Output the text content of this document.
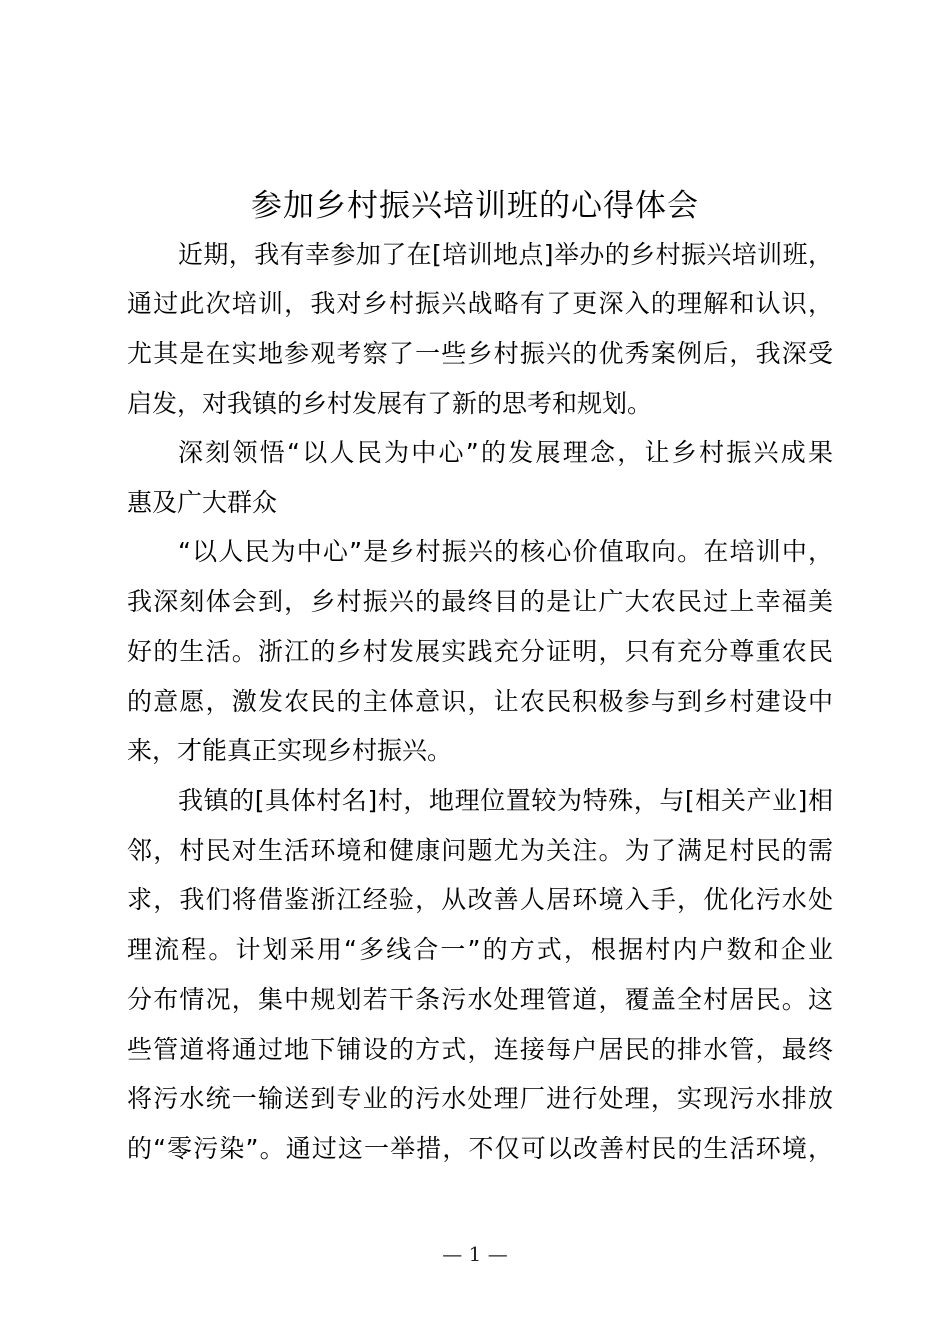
参加乡村振兴培训班的心得体会
近期，我有幸参加了在[培训地点]举办的乡村振兴培训班，
通过此次培训，我对乡村振兴战略有了更深入的理解和认识，
尤其是在实地参观考察了一些乡村振兴的优秀案例后，我深受
启发，对我镇的乡村发展有了新的思考和规划。
深刻领悟“以人民为中心”的发展理念，让乡村振兴成果
惠及广大群众
“以人民为中心”是乡村振兴的核心价值取向。在培训中，
我深刻体会到，乡村振兴的最终目的是让广大农民过上幸福美
好的生活。浙江的乡村发展实践充分证明，只有充分尊重农民
的意愿，激发农民的主体意识，让农民积极参与到乡村建设中
来，才能真正实现乡村振兴。
我镇的[具体村名]村，地理位置较为特殊，与[相关产业]相
邻，村民对生活环境和健康问题尤为关注。为了满足村民的需
求，我们将借鉴浙江经验，从改善人居环境入手，优化污水处
理流程。计划采用“多线合一”的方式，根据村内户数和企业
分布情况，集中规划若干条污水处理管道，覆盖全村居民。这
些管道将通过地下铺设的方式，连接每户居民的排水管，最终
将污水统一输送到专业的污水处理厂进行处理，实现污水排放
的“零污染”。通过这一举措，不仅可以改善村民的生活环境，
— 1 —
